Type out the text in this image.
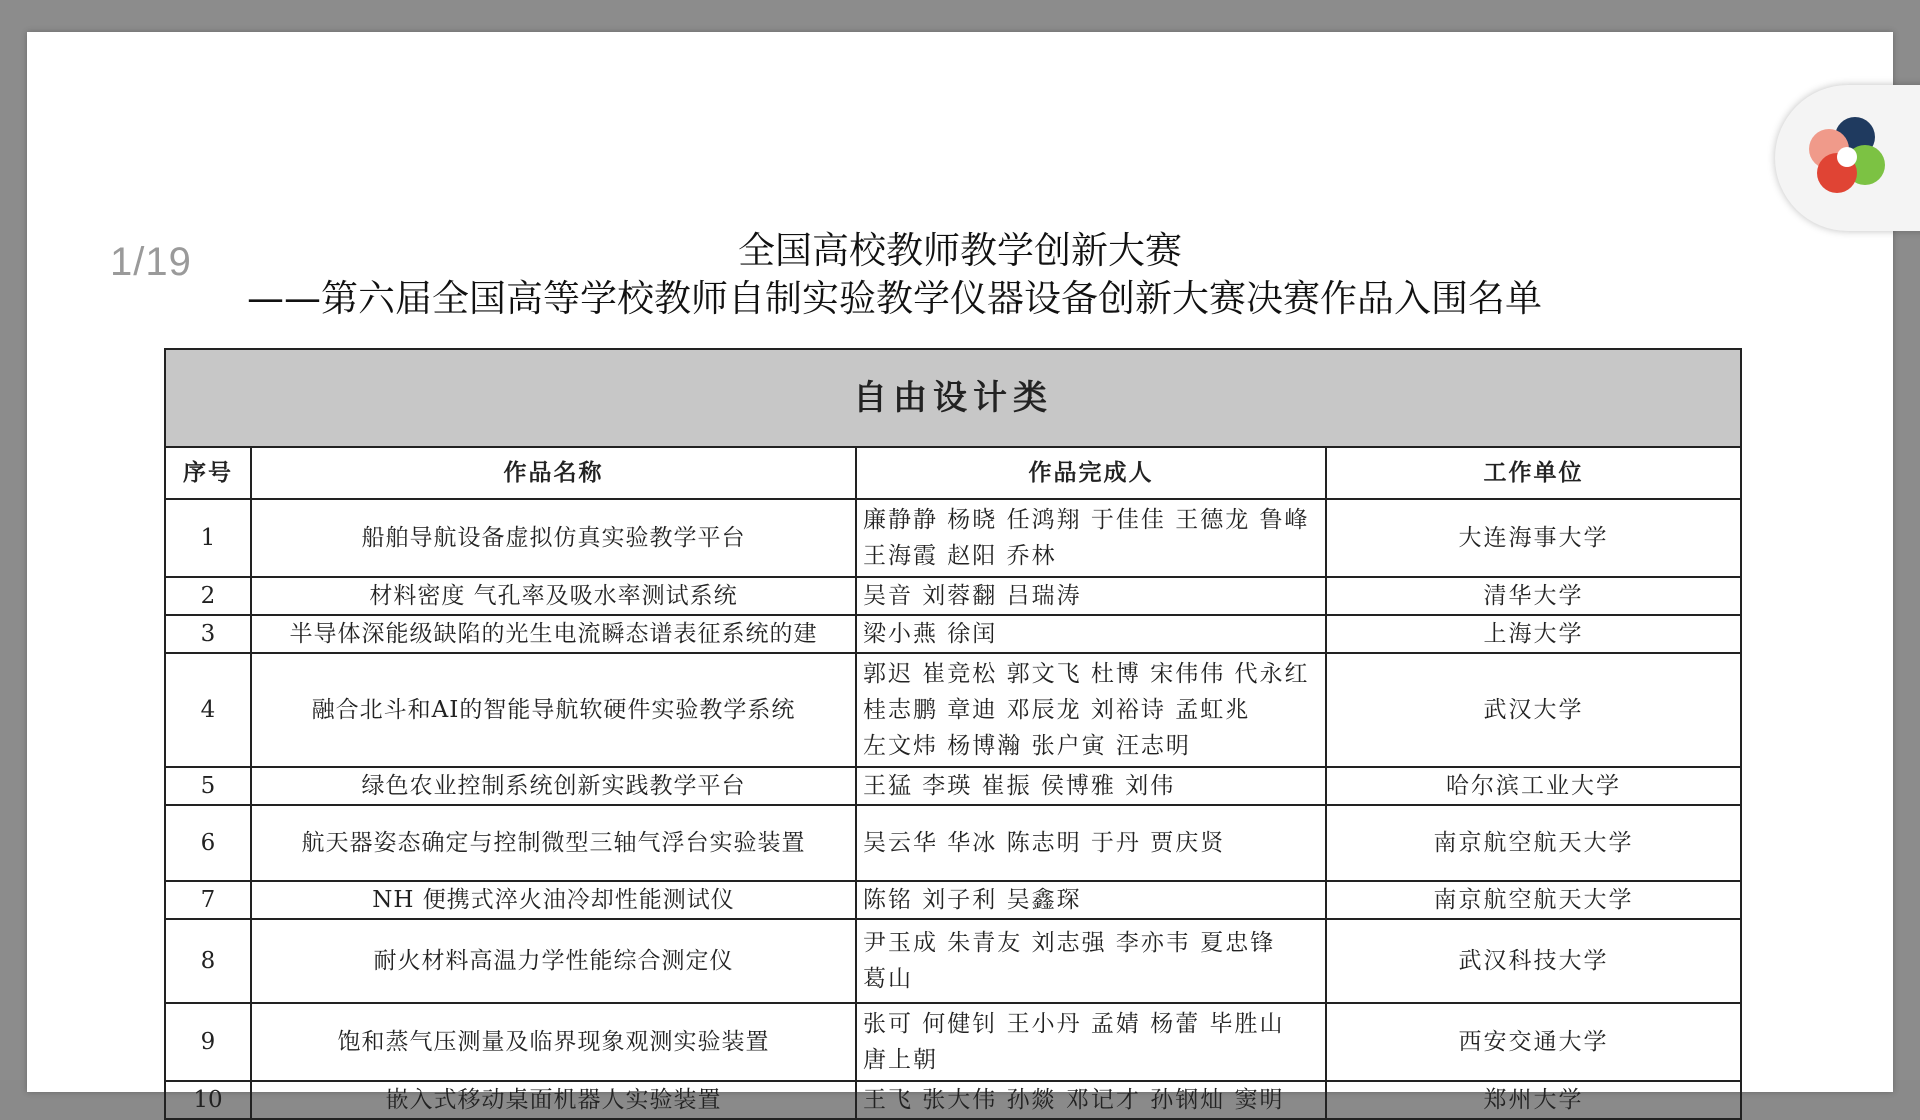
全国高校教师教学创新大赛
——第六届全国高等学校教师自制实验教学仪器设备创新大赛决赛作品入围名单
自由设计类			
序号	作品名称	作品完成人	工作单位
1	船舶导航设备虚拟仿真实验教学平台	廉静静 杨晓 任鸿翔 于佳佳 王德龙 鲁峰
王海霞 赵阳 乔林	大连海事大学
2	材料密度 气孔率及吸水率测试系统	吴音 刘蓉翻 吕瑞涛	清华大学
3	半导体深能级缺陷的光生电流瞬态谱表征系统的建	梁小燕 徐闰	上海大学
4	融合北斗和AI的智能导航软硬件实验教学系统	郭迟 崔竞松 郭文飞 杜博 宋伟伟 代永红
桂志鹏 章迪 邓辰龙 刘裕诗 孟虹兆
左文炜 杨博瀚 张户寅 汪志明	武汉大学
5	绿色农业控制系统创新实践教学平台	王猛 李瑛 崔振 侯博雅 刘伟	哈尔滨工业大学
6	航天器姿态确定与控制微型三轴气浮台实验装置	吴云华 华冰 陈志明 于丹 贾庆贤	南京航空航天大学
7	NH 便携式淬火油冷却性能测试仪	陈铭 刘子利 吴鑫琛	南京航空航天大学
8	耐火材料高温力学性能综合测定仪	尹玉成 朱青友 刘志强 李亦韦 夏忠锋
葛山	武汉科技大学
9	饱和蒸气压测量及临界现象观测实验装置	张可 何健钊 王小丹 孟婧 杨蕾 毕胜山
唐上朝	西安交通大学
10	嵌入式移动桌面机器人实验装置	王飞 张大伟 孙燚 邓记才 孙钢灿 窦明	郑州大学
1/19
